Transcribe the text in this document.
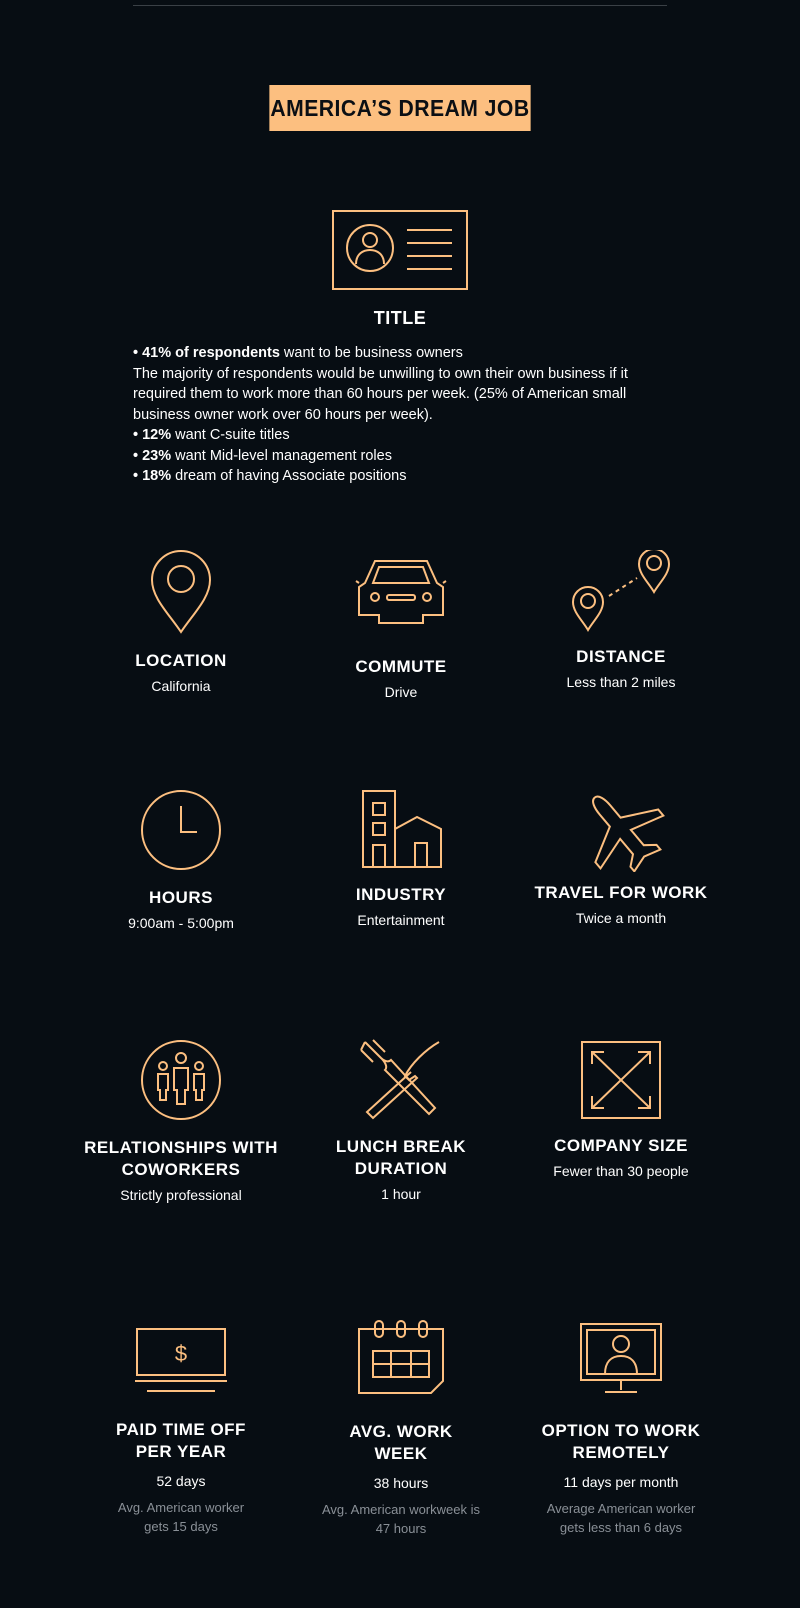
AMERICA’S DREAM JOB
TITLE
• 41% of respondents want to be business owners
The majority of respondents would be unwilling to own their own business if it required them to work more than 60 hours per week. (25% of American small business owner work over 60 hours per week).
• 12% want C-suite titles
• 23% want Mid-level management roles
• 18% dream of having Associate positions
LOCATION
California
COMMUTE
Drive
DISTANCE
Less than 2 miles
HOURS
9:00am - 5:00pm
INDUSTRY
Entertainment
TRAVEL FOR WORK
Twice a month
RELATIONSHIPS WITH
COWORKERS
Strictly professional
LUNCH BREAK
DURATION
1 hour
COMPANY SIZE
Fewer than 30 people
$
PAID TIME OFF
PER YEAR
52 days
Avg. American worker
gets 15 days
AVG. WORK
WEEK
38 hours
Avg. American workweek is
47 hours
OPTION TO WORK
REMOTELY
11 days per month
Average American worker
gets less than 6 days
